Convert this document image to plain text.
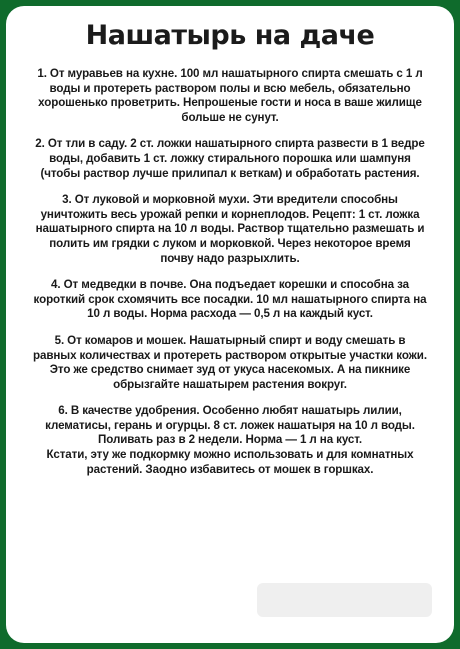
Нашатырь на даче

1. От муравьев на кухне. 100 мл нашатырного спирта смешать с 1 л воды и протереть раствором полы и всю мебель, обязательно хорошенько проветрить. Непрошеные гости и носа в ваше жилище больше не сунут.

2. От тли в саду. 2 ст. ложки нашатырного спирта развести в 1 ведре воды, добавить 1 ст. ложку стирального порошка или шампуня (чтобы раствор лучше прилипал к веткам) и обработать растения.

3. От луковой и морковной мухи. Эти вредители способны уничтожить весь урожай репки и корнеплодов. Рецепт: 1 ст. ложка нашатырного спирта на 10 л воды. Раствор тщательно размешать и полить им грядки с луком и морковкой. Через некоторое время почву надо разрыхлить.

4. От медведки в почве. Она подъедает корешки и способна за короткий срок схомячить все посадки. 10 мл нашатырного спирта на 10 л воды. Норма расхода — 0,5 л на каждый куст.

5. От комаров и мошек. Нашатырный спирт и воду смешать в равных количествах и протереть раствором открытые участки кожи. Это же средство снимает зуд от укуса насекомых. А на пикнике обрызгайте нашатырем растения вокруг.

6. В качестве удобрения. Особенно любят нашатырь лилии, клематисы, герань и огурцы. 8 ст. ложек нашатыря на 10 л воды. Поливать раз в 2 недели. Норма — 1 л на куст.

Кстати, эту же подкормку можно использовать и для комнатных растений. Заодно избавитесь от мошек в горшках.
